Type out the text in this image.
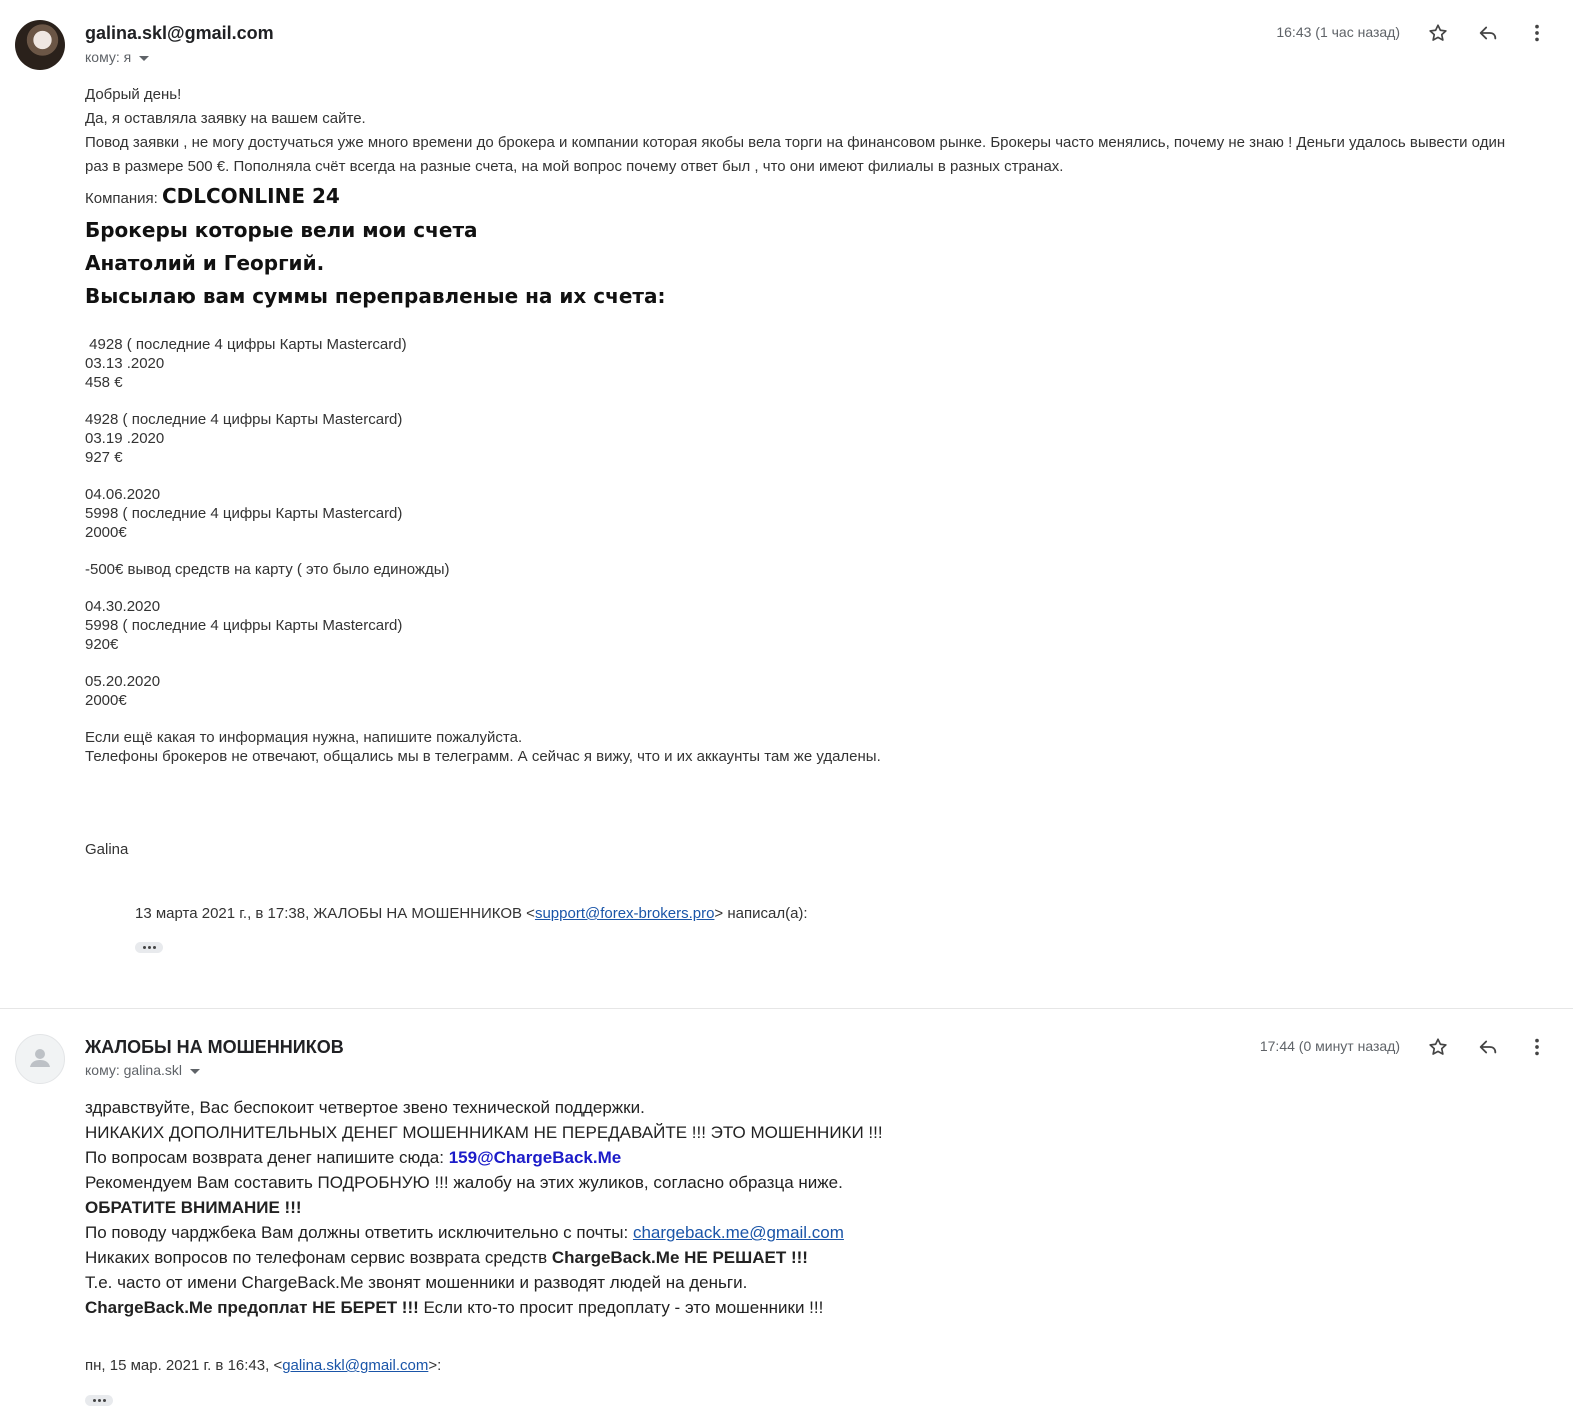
galina.skl@gmail.com
кому: я
16:43 (1 час назад)

Добрый день!

Да, я оставляла заявку на вашем сайте.

Повод заявки , не могу достучаться уже много времени до брокера и компании которая якобы вела торги на финансовом рынке. Брокеры часто менялись, почему не знаю ! Деньги удалось вывести один раз в размере 500 €. Пополняла счёт всегда на разные счета, на мой вопрос почему ответ был , что они имеют филиалы в разных странах.

Компания: CDLCONLINE 24
Брокеры которые вели мои счета
Анатолий и Георгий.
Высылаю вам суммы переправленые на их счета:
4928 ( последние 4 цифры Карты Mastercard)
03.13 .2020
458 €
4928 ( последние 4 цифры Карты Mastercard)
03.19 .2020
927 €
04.06.2020
5998 ( последние 4 цифры Карты Mastercard)
2000€
-500€ вывод средств на карту ( это было единожды)
04.30.2020
5998 ( последние 4 цифры Карты Mastercard)
920€
05.20.2020
2000€
Если ещё какая то информация нужна, напишите пожалуйста.
Телефоны брокеров не отвечают, общались мы в телеграмм. А сейчас я вижу, что и их аккаунты там же удалены.
Galina
13 марта 2021 г., в 17:38, ЖАЛОБЫ НА МОШЕННИКОВ <support@forex-brokers.pro> написал(а):
ЖАЛОБЫ НА МОШЕННИКОВ
кому: galina.skl
17:44 (0 минут назад)
здравствуйте, Вас беспокоит четвертое звено технической поддержки.
НИКАКИХ ДОПОЛНИТЕЛЬНЫХ ДЕНЕГ МОШЕННИКАМ НЕ ПЕРЕДАВАЙТЕ !!! ЭТО МОШЕННИКИ !!!
По вопросам возврата денег напишите сюда: 159@ChargeBack.Me
Рекомендуем Вам составить ПОДРОБНУЮ !!! жалобу на этих жуликов, согласно образца ниже.
ОБРАТИТЕ ВНИМАНИЕ !!!
По поводу чарджбека Вам должны ответить исключительно с почты: chargeback.me@gmail.com
Никаких вопросов по телефонам сервис возврата средств ChargeBack.Me НЕ РЕШАЕТ !!!
Т.е. часто от имени ChargeBack.Me звонят мошенники и разводят людей на деньги.
ChargeBack.Me предоплат НЕ БЕРЕТ !!! Если кто-то просит предоплату - это мошенники !!!
пн, 15 мар. 2021 г. в 16:43, <galina.skl@gmail.com>:
